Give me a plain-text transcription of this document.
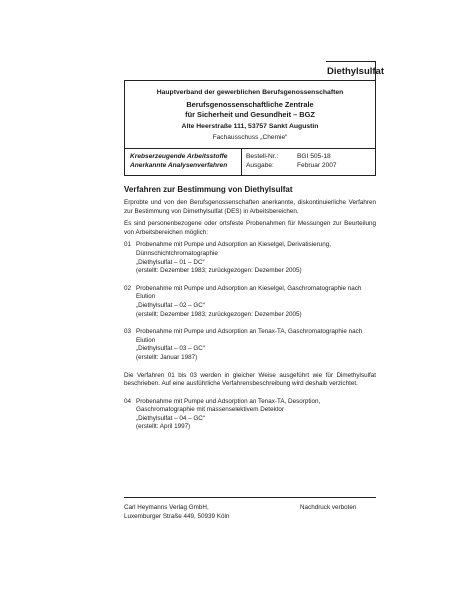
Diethylsulfat
Hauptverband der gewerblichen Berufsgenossenschaften
Berufsgenossenschaftliche Zentrale
für Sicherheit und Gesundheit – BGZ
Alte Heerstraße 111, 53757 Sankt Augustin
Fachausschuss „Chemie“
Krebserzeugende Arbeitsstoffe
Anerkannte Analysenverfahren
Bestell-Nr.:
Ausgabe:
BGI 505-18
Februar 2007
Verfahren zur Bestimmung von Diethylsulfat

Erprobte und von den Berufsgenossenschaften anerkannte, diskontinuierliche Verfahren zur Bestimmung von Dimethylsulfat (DES) in Arbeitsbereichen.

Es sind personenbezogene oder ortsfeste Probenahmen für Messungen zur Beurteilung von Arbeitsbereichen möglich:

01 Probenahme mit Pumpe und Adsorption an Kieselgel, Derivatisierung, Dünnschichtchromatographie
„Diethylsulfat – 01 – DC“
(erstellt: Dezember 1983; zurückgezogen: Dezember 2005)
02 Probenahme mit Pumpe und Adsorption an Kieselgel, Gaschromatographie nach Elution
„Diethylsulfat – 02 – GC“
(erstellt: Dezember 1983; zurückgezogen: Dezember 2005)
03 Probenahme mit Pumpe und Adsorption an Tenax-TA, Gaschromatographie nach Elution
„Diethylsulfat – 03 – GC“
(erstellt: Januar 1987)

Die Verfahren 01 bis 03 werden in gleicher Weise ausgeführt wie für Dimethylsulfat beschrieben. Auf eine ausführliche Verfahrensbeschreibung wird deshalb verzichtet.

04 Probenahme mit Pumpe und Adsorption an Tenax-TA, Desorption, Gaschromatographie mit massenselektivem Detektor
„Diethylsulfat – 04 – GC“
(erstellt: April 1997)
Carl Heymanns Verlag GmbH,
Luxemburger Straße 449, 50939 Köln
Nachdruck verboten
